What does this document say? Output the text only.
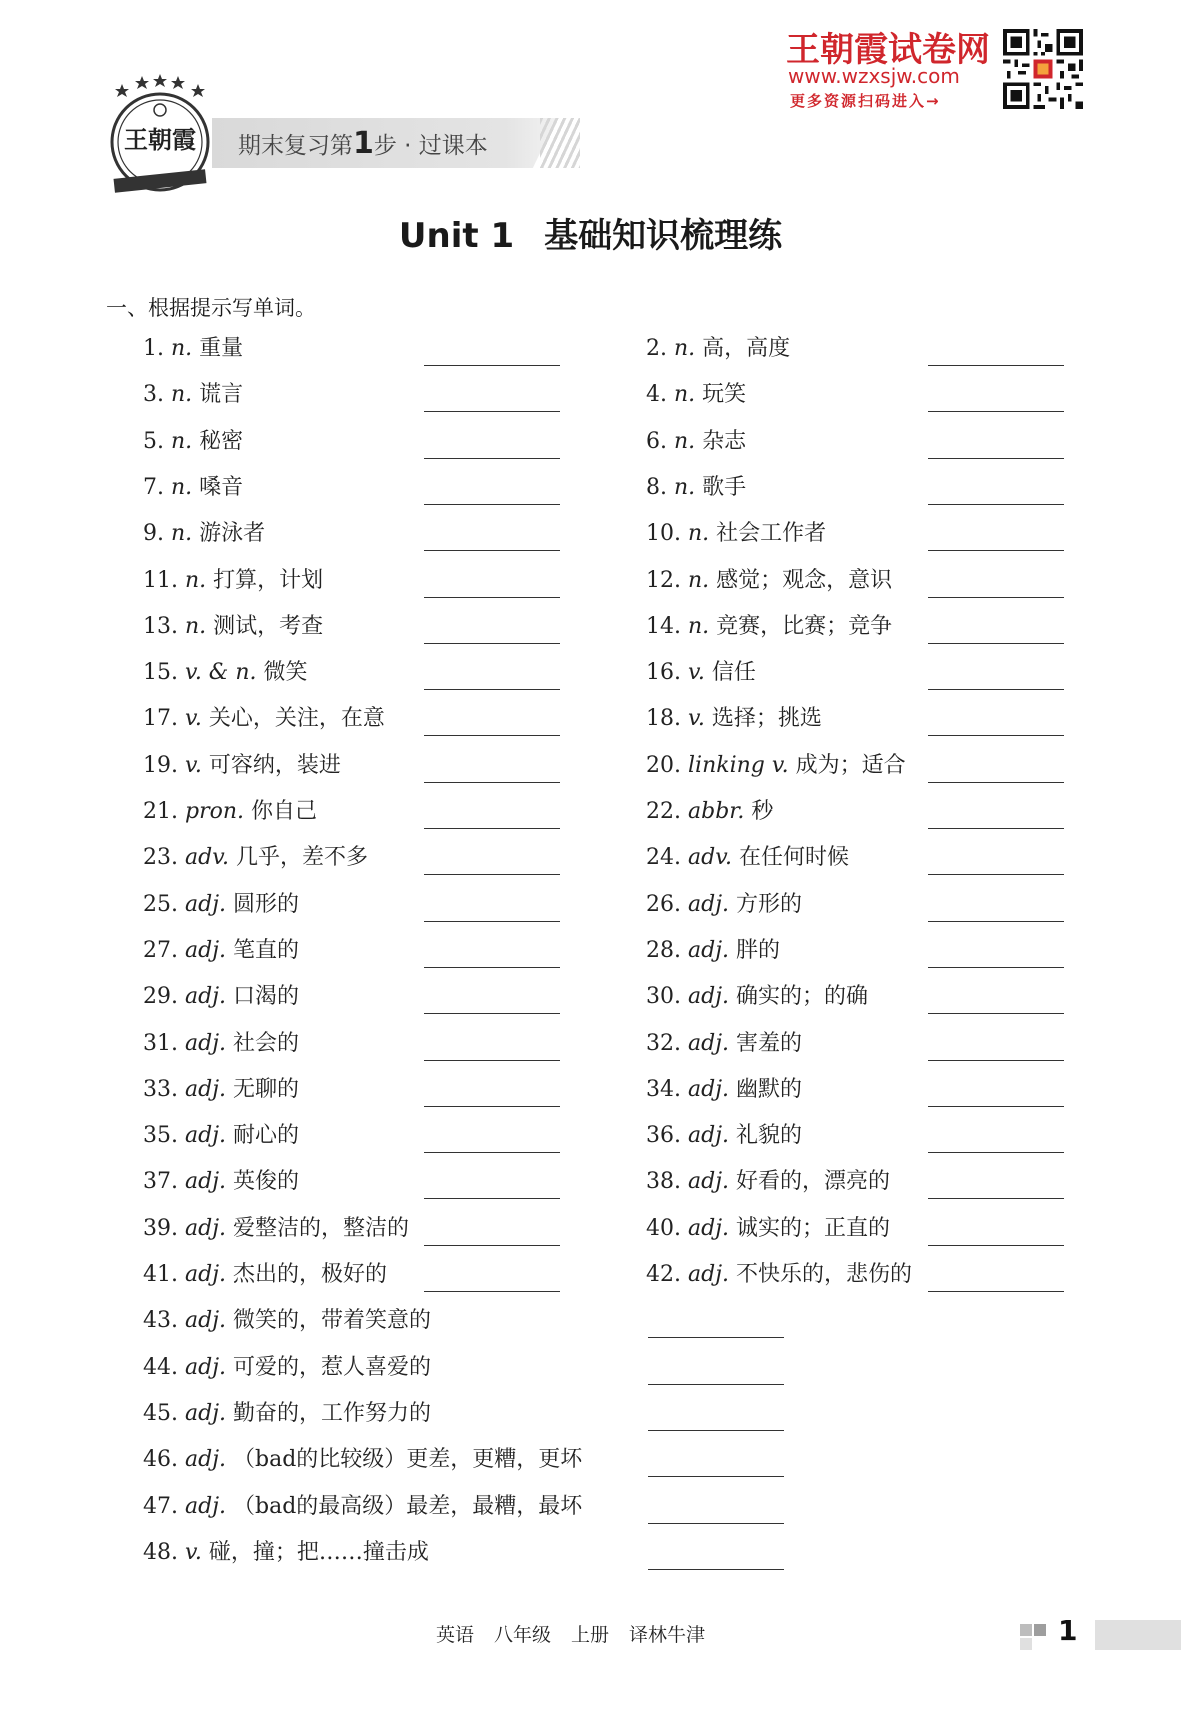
王朝霞试卷网
www.wzxsjw.com
更多资源扫码进入→
期末复习第1步 · 过课本
王朝霞
Unit 1 基础知识梳理练
一、根据提示写单词。
1. n. 重量	2. n. 高，高度
3. n. 谎言	4. n. 玩笑
5. n. 秘密	6. n. 杂志
7. n. 嗓音	8. n. 歌手
9. n. 游泳者	10. n. 社会工作者
11. n. 打算，计划	12. n. 感觉；观念，意识
13. n. 测试，考查	14. n. 竞赛，比赛；竞争
15. v. & n. 微笑	16. v. 信任
17. v. 关心，关注，在意	18. v. 选择；挑选
19. v. 可容纳，装进	20. linking v. 成为；适合
21. pron. 你自己	22. abbr. 秒
23. adv. 几乎，差不多	24. adv. 在任何时候
25. adj. 圆形的	26. adj. 方形的
27. adj. 笔直的	28. adj. 胖的
29. adj. 口渴的	30. adj. 确实的；的确
31. adj. 社会的	32. adj. 害羞的
33. adj. 无聊的	34. adj. 幽默的
35. adj. 耐心的	36. adj. 礼貌的
37. adj. 英俊的	38. adj. 好看的，漂亮的
39. adj. 爱整洁的，整洁的	40. adj. 诚实的；正直的
41. adj. 杰出的，极好的	42. adj. 不快乐的，悲伤的
43. adj. 微笑的，带着笑意的
44. adj. 可爱的，惹人喜爱的
45. adj. 勤奋的，工作努力的
46. adj. （bad的比较级）更差，更糟，更坏
47. adj. （bad的最高级）最差，最糟，最坏
48. v. 碰，撞；把……撞击成
英语 八年级 上册 译林牛津	1
